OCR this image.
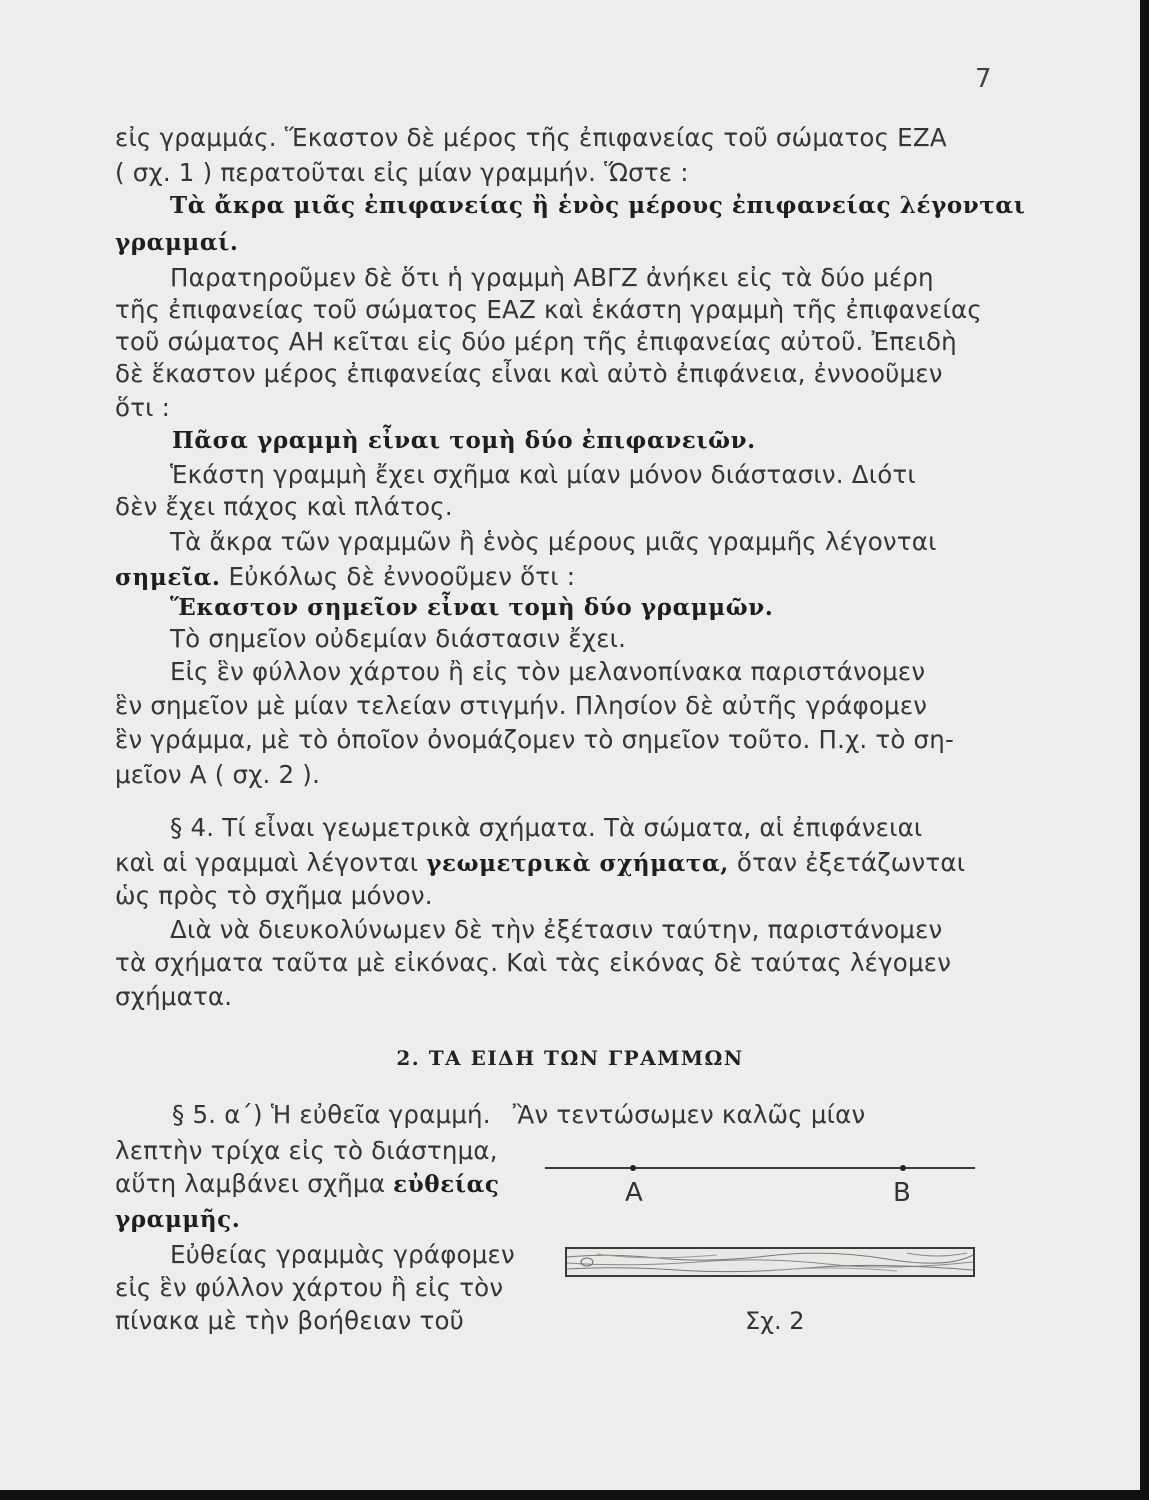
7
εἰς γραμμάς. Ἕκαστον δὲ μέρος τῆς ἐπιφανείας τοῦ σώματος ΕΖΑ
( σχ. 1 ) περατοῦται εἰς μίαν γραμμήν. Ὥστε :
Τὰ ἄκρα μιᾶς ἐπιφανείας ἢ ἑνὸς μέρους ἐπιφανείας λέγονται
γραμμαί.
Παρατηροῦμεν δὲ ὅτι ἡ γραμμὴ ΑΒΓΖ ἀνήκει εἰς τὰ δύο μέρη
τῆς ἐπιφανείας τοῦ σώματος ΕΑΖ καὶ ἑκάστη γραμμὴ τῆς ἐπιφανείας
τοῦ σώματος ΑΗ κεῖται εἰς δύο μέρη τῆς ἐπιφανείας αὐτοῦ. Ἐπειδὴ
δὲ ἕκαστον μέρος ἐπιφανείας εἶναι καὶ αὐτὸ ἐπιφάνεια, ἐννοοῦμεν
ὅτι :
Πᾶσα γραμμὴ εἶναι τομὴ δύο ἐπιφανειῶν.
Ἑκάστη γραμμὴ ἔχει σχῆμα καὶ μίαν μόνον διάστασιν. Διότι
δὲν ἔχει πάχος καὶ πλάτος.
Τὰ ἄκρα τῶν γραμμῶν ἢ ἑνὸς μέρους μιᾶς γραμμῆς λέγονται
σημεῖα. Εὐκόλως δὲ ἐννοοῦμεν ὅτι :
Ἕκαστον σημεῖον εἶναι τομὴ δύο γραμμῶν.
Τὸ σημεῖον οὐδεμίαν διάστασιν ἔχει.
Εἰς ἓν φύλλον χάρτου ἢ εἰς τὸν μελανοπίνακα παριστάνομεν
ἓν σημεῖον μὲ μίαν τελείαν στιγμήν. Πλησίον δὲ αὐτῆς γράφομεν
ἓν γράμμα, μὲ τὸ ὁποῖον ὀνομάζομεν τὸ σημεῖον τοῦτο. Π.χ. τὸ ση-
μεῖον Α ( σχ. 2 ).
§ 4. Τί εἶναι γεωμετρικὰ σχήματα. Τὰ σώματα, αἱ ἐπιφάνειαι
καὶ αἱ γραμμαὶ λέγονται γεωμετρικὰ σχήματα, ὅταν ἐξετάζωνται
ὡς πρὸς τὸ σχῆμα μόνον.
Διὰ νὰ διευκολύνωμεν δὲ τὴν ἐξέτασιν ταύτην, παριστάνομεν
τὰ σχήματα ταῦτα μὲ εἰκόνας. Καὶ τὰς εἰκόνας δὲ ταύτας λέγομεν
σχήματα.
2. ΤΑ ΕΙΔΗ ΤΩΝ ΓΡΑΜΜΩΝ
§ 5. α΄) Ἡ εὐθεῖα γραμμή. Ἂν τεντώσωμεν καλῶς μίαν
λεπτὴν τρίχα εἰς τὸ διάστημα,
αὕτη λαμβάνει σχῆμα εὐθείας
γραμμῆς.
Εὐθείας γραμμὰς γράφομεν
εἰς ἓν φύλλον χάρτου ἢ εἰς τὸν
πίνακα μὲ τὴν βοήθειαν τοῦ
Α	Β
Σχ. 2
